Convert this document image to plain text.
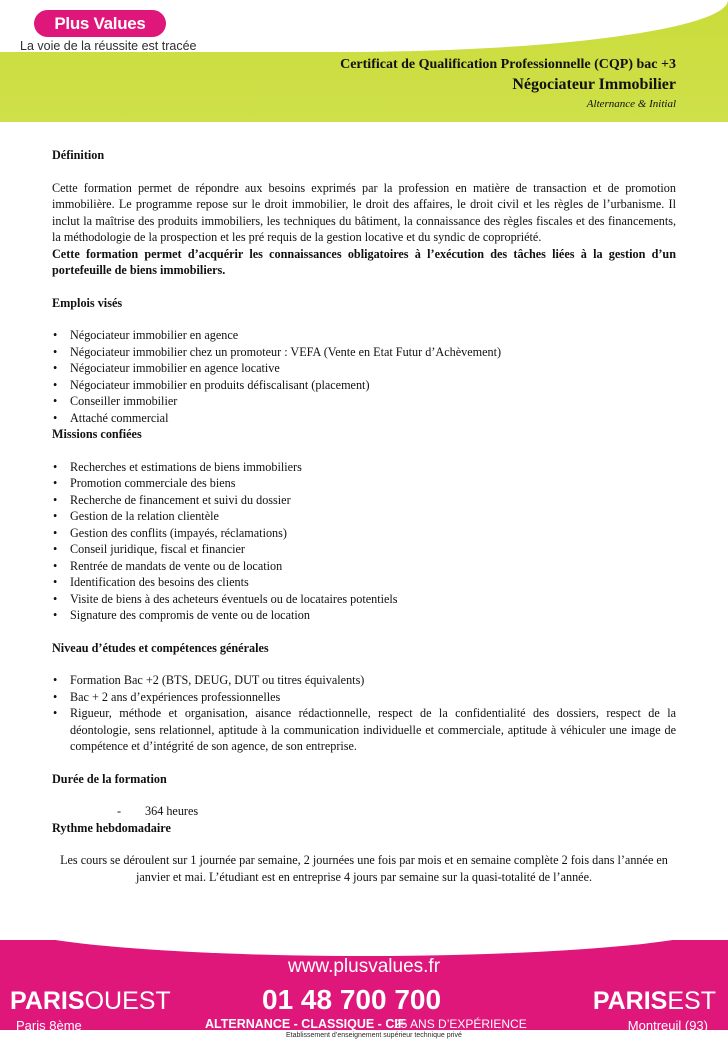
Plus Values
La voie de la réussite est tracée
Certificat de Qualification Professionnelle (CQP) bac +3
Négociateur Immobilier
Alternance & Initial
Définition
Cette formation permet de répondre aux besoins exprimés par la profession en matière de transaction et de promotion immobilière. Le programme repose sur le droit immobilier, le droit des affaires, le droit civil et les règles de l’urbanisme. Il inclut la maîtrise des produits immobiliers, les techniques du bâtiment, la connaissance des règles fiscales et des financements, la méthodologie de la prospection et les pré requis de la gestion locative et du syndic de copropriété.
Cette formation permet d’acquérir les connaissances obligatoires à l’exécution des tâches liées à la gestion d’un portefeuille de biens immobiliers.
Emplois visés
• Négociateur immobilier en agence
• Négociateur immobilier chez un promoteur : VEFA (Vente en Etat Futur d’Achèvement)
• Négociateur immobilier en agence locative
• Négociateur immobilier en produits défiscalisant (placement)
• Conseiller immobilier
• Attaché commercial
Missions confiées
• Recherches et estimations de biens immobiliers
• Promotion commerciale des biens
• Recherche de financement et suivi du dossier
• Gestion de la relation clientèle
• Gestion des conflits (impayés, réclamations)
• Conseil juridique, fiscal et financier
• Rentrée de mandats de vente ou de location
• Identification des besoins des clients
• Visite de biens à des acheteurs éventuels ou de locataires potentiels
• Signature des compromis de vente ou de location
Niveau d’études et compétences générales
• Formation Bac +2 (BTS, DEUG, DUT ou titres équivalents)
• Bac + 2 ans d’expériences professionnelles
• Rigueur, méthode et organisation, aisance rédactionnelle, respect de la confidentialité des dossiers, respect de la déontologie, sens relationnel, aptitude à la communication individuelle et commerciale, aptitude à véhiculer une image de compétence et d’intégrité de son agence, de son entreprise.
Durée de la formation
- 364 heures
Rythme hebdomadaire
Les cours se déroulent sur 1 journée par semaine, 2 journées une fois par mois et en semaine complète 2 fois dans l’année en janvier et mai. L’étudiant est en entreprise 4 jours par semaine sur la quasi-totalité de l’année.
www.plusvalues.fr
PARISOUEST
Paris 8ème
01 48 700 700
ALTERNANCE - CLASSIQUE - CIF
25 ANS D’EXPÉRIENCE
Etablissement d’enseignement supérieur technique privé
PARISEST
Montreuil (93)
